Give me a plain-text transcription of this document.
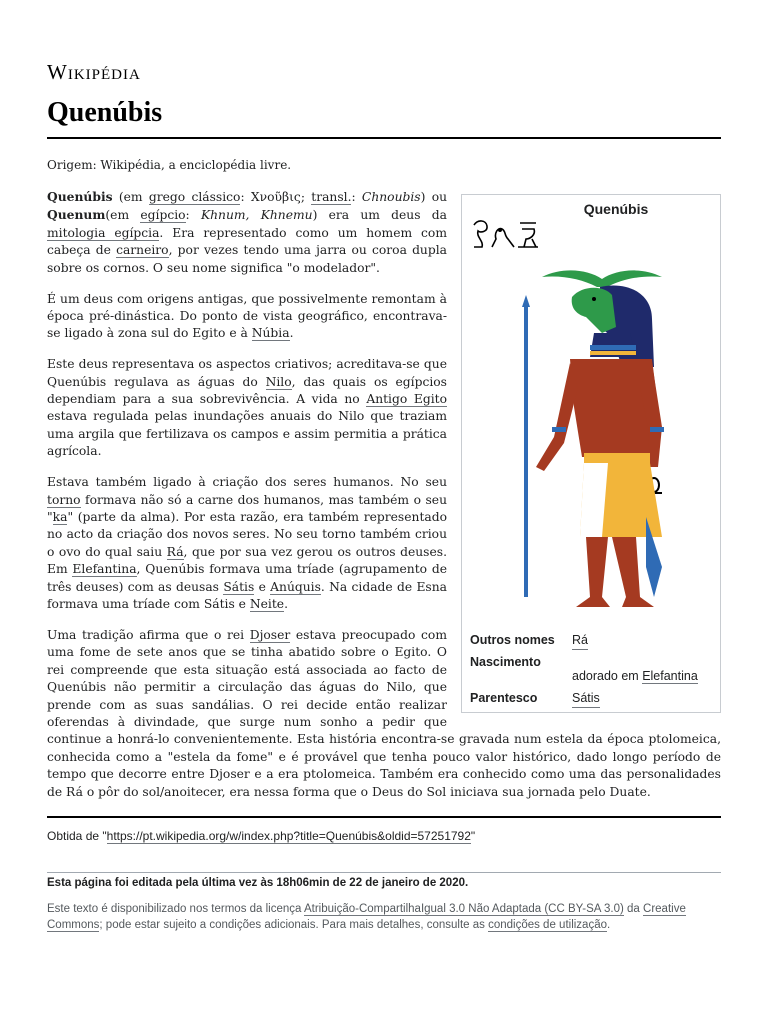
Wikipédia
Quenúbis
Origem: Wikipédia, a enciclopédia livre.
Quenúbis
Outros nomes Rá
Nascimento
adorado em Elefantina
Parentesco	Sátis

Quenúbis (em grego clássico: Χνοῦβις; transl.: Chnoubis) ou Quenum(em egípcio: Khnum, Khnemu) era um deus da mitologia egípcia. Era representado como um homem com cabeça de carneiro, por vezes tendo uma jarra ou coroa dupla sobre os cornos. O seu nome significa "o modelador".

É um deus com origens antigas, que possivelmente remontam à época pré-dinástica. Do ponto de vista geográfico, encontrava-se ligado à zona sul do Egito e à Núbia.

Este deus representava os aspectos criativos; acreditava-se que Quenúbis regulava as águas do Nilo, das quais os egípcios dependiam para a sua sobrevivência. A vida no Antigo Egito estava regulada pelas inundações anuais do Nilo que traziam uma argila que fertilizava os campos e assim permitia a prática agrícola.

Estava também ligado à criação dos seres humanos. No seu torno formava não só a carne dos humanos, mas também o seu "ka" (parte da alma). Por esta razão, era também representado no acto da criação dos novos seres. No seu torno também criou o ovo do qual saiu Rá, que por sua vez gerou os outros deuses. Em Elefantina, Quenúbis formava uma tríade (agrupamento de três deuses) com as deusas Sátis e Anúquis. Na cidade de Esna formava uma tríade com Sátis e Neite.

Uma tradição afirma que o rei Djoser estava preocupado com uma fome de sete anos que se tinha abatido sobre o Egito. O rei compreende que esta situação está associada ao facto de Quenúbis não permitir a circulação das águas do Nilo, que prende com as suas sandálias. O rei decide então realizar oferendas à divindade, que surge num sonho a pedir que continue a honrá-lo convenientemente. Esta história encontra-se gravada num estela da época ptolomeica, conhecida como a "estela da fome" e é provável que tenha pouco valor histórico, dado longo período de tempo que decorre entre Djoser e a era ptolomeica. Também era conhecido como uma das personalidades de Rá o pôr do sol/anoitecer, era nessa forma que o Deus do Sol iniciava sua jornada pelo Duate.

Obtida de "https://pt.wikipedia.org/w/index.php?title=Quenúbis&oldid=57251792"
Esta página foi editada pela última vez às 18h06min de 22 de janeiro de 2020.
Este texto é disponibilizado nos termos da licença Atribuição-CompartilhaIgual 3.0 Não Adaptada (CC BY-SA 3.0) da Creative Commons; pode estar sujeito a condições adicionais. Para mais detalhes, consulte as condições de utilização.
